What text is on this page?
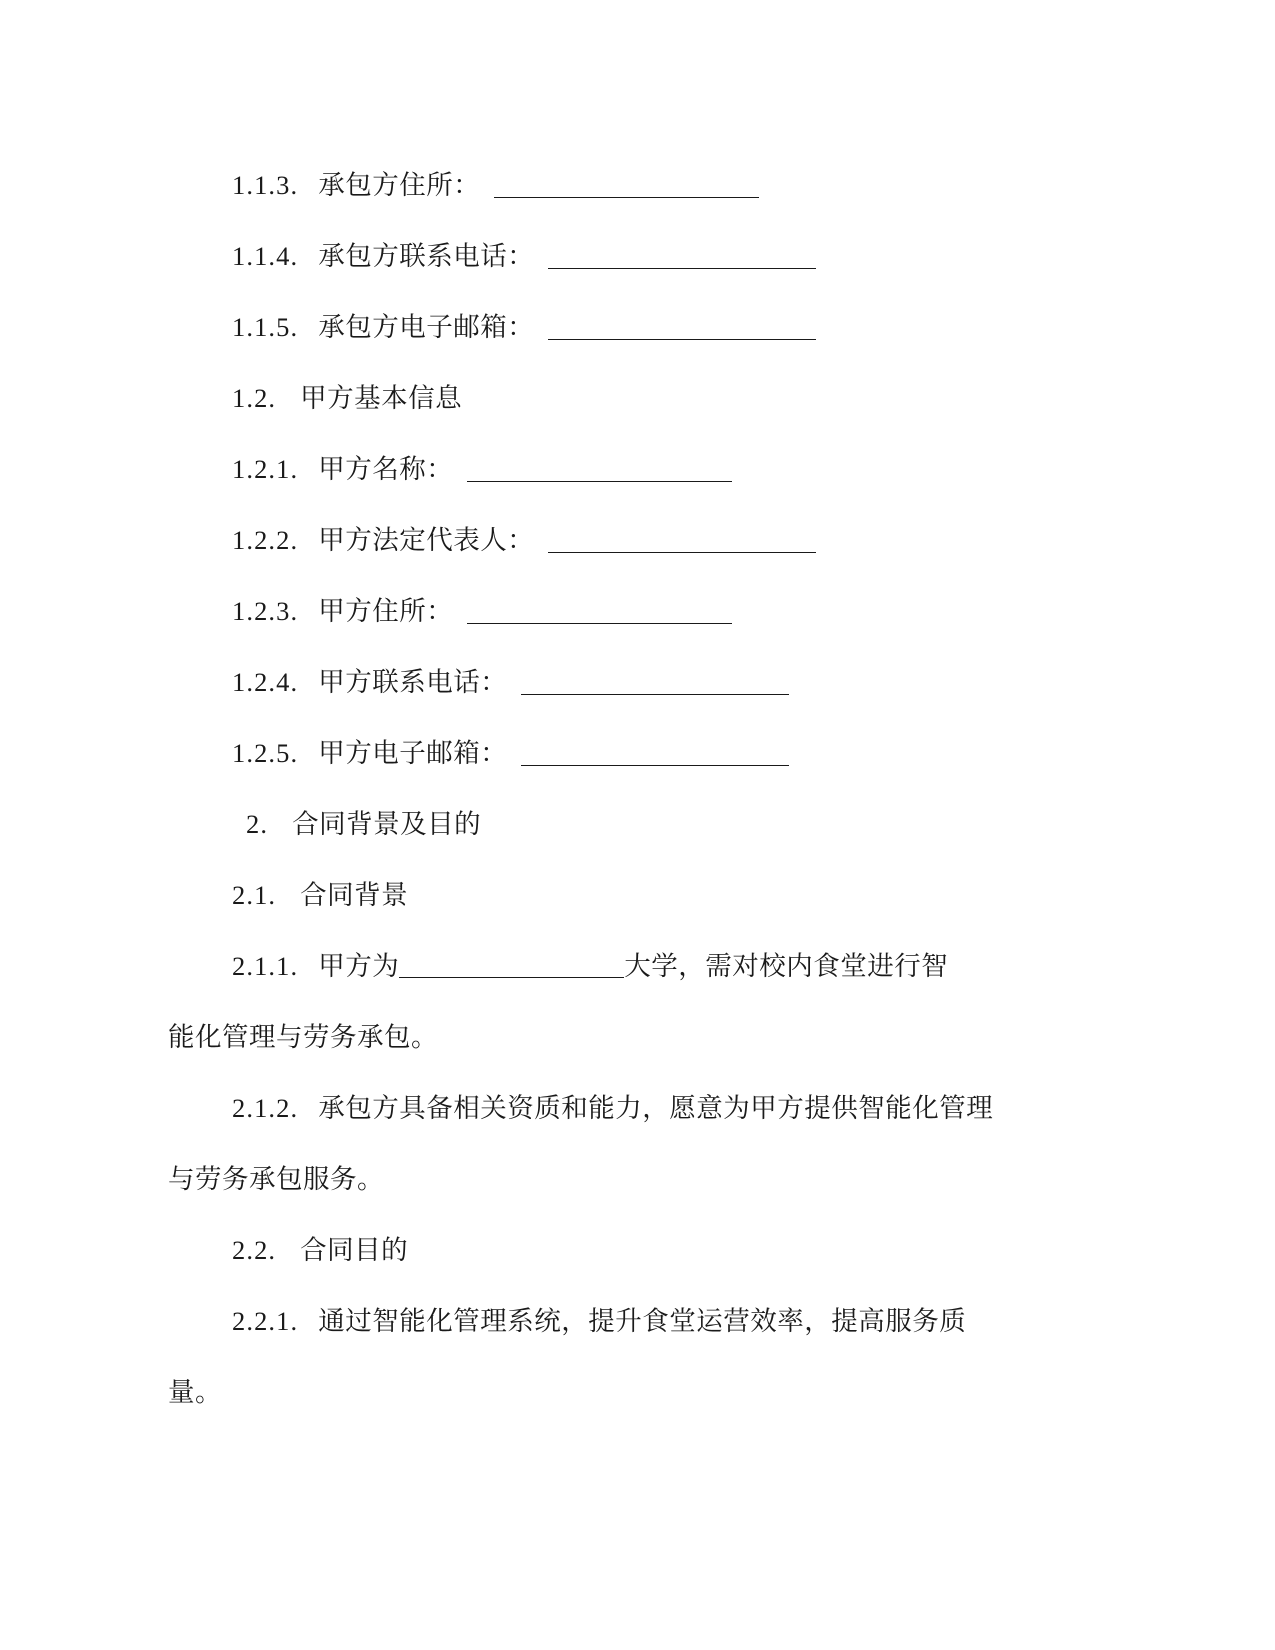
1.1.3. 承包方住所：
1.1.4. 承包方联系电话：
1.1.5. 承包方电子邮箱：
1.2. 甲方基本信息
1.2.1. 甲方名称：
1.2.2. 甲方法定代表人：
1.2.3. 甲方住所：
1.2.4. 甲方联系电话：
1.2.5. 甲方电子邮箱：
2. 合同背景及目的
2.1. 合同背景
2.1.1. 甲方为	大学，需对校内食堂进行智
能化管理与劳务承包。
2.1.2. 承包方具备相关资质和能力，愿意为甲方提供智能化管理
与劳务承包服务。
2.2. 合同目的
2.2.1. 通过智能化管理系统，提升食堂运营效率，提高服务质
量。
